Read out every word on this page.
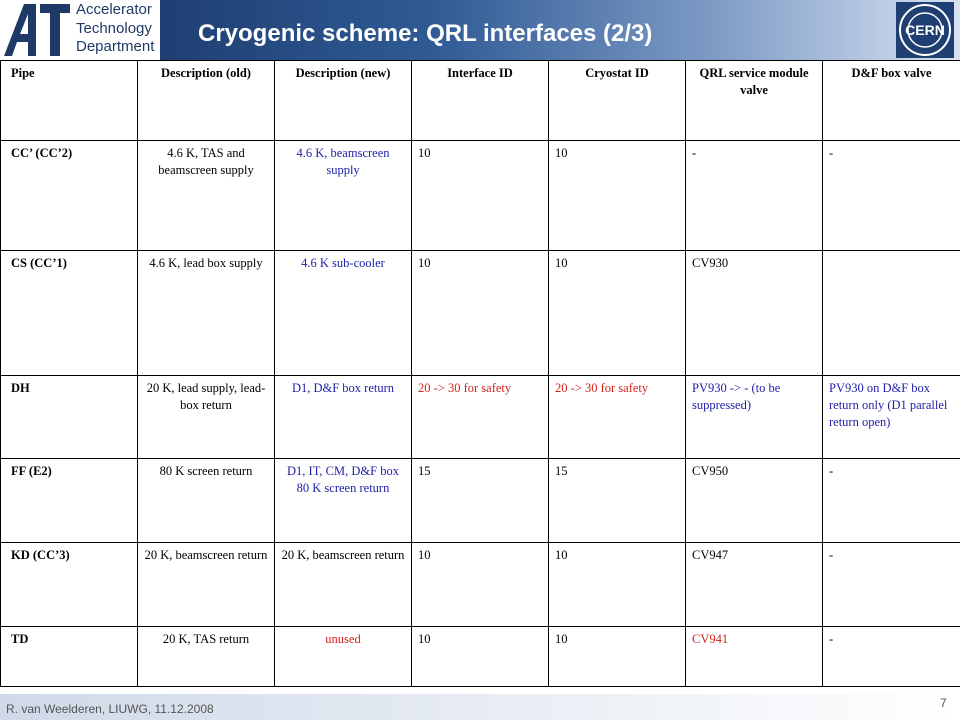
Accelerator
Technology
Department Cryogenic scheme: QRL interfaces (2/3)	CERN
Pipe	Description (old)	Description (new)	Interface ID	Cryostat ID	QRL service module valve	D&F box valve
CC’ (CC’2)	4.6 K, TAS and beamscreen supply	4.6 K, beamscreen supply	10	10	-	-
CS (CC’1)	4.6 K, lead box supply	4.6 K sub-cooler	10	10	CV930	
DH	20 K, lead supply, lead-box return	D1, D&F box return	20 -> 30 for safety	20 -> 30 for safety	PV930 -> - (to be suppressed)	PV930 on D&F box return only (D1 parallel return open)
FF (E2)	80 K screen return	D1, IT, CM, D&F box 80 K screen return	15	15	CV950	-
KD (CC’3)	20 K, beamscreen return	20 K, beamscreen return	10	10	CV947	-
TD	20 K, TAS return	unused	10	10	CV941	-
R. van Weelderen, LIUWG, 11.12.2008	7
